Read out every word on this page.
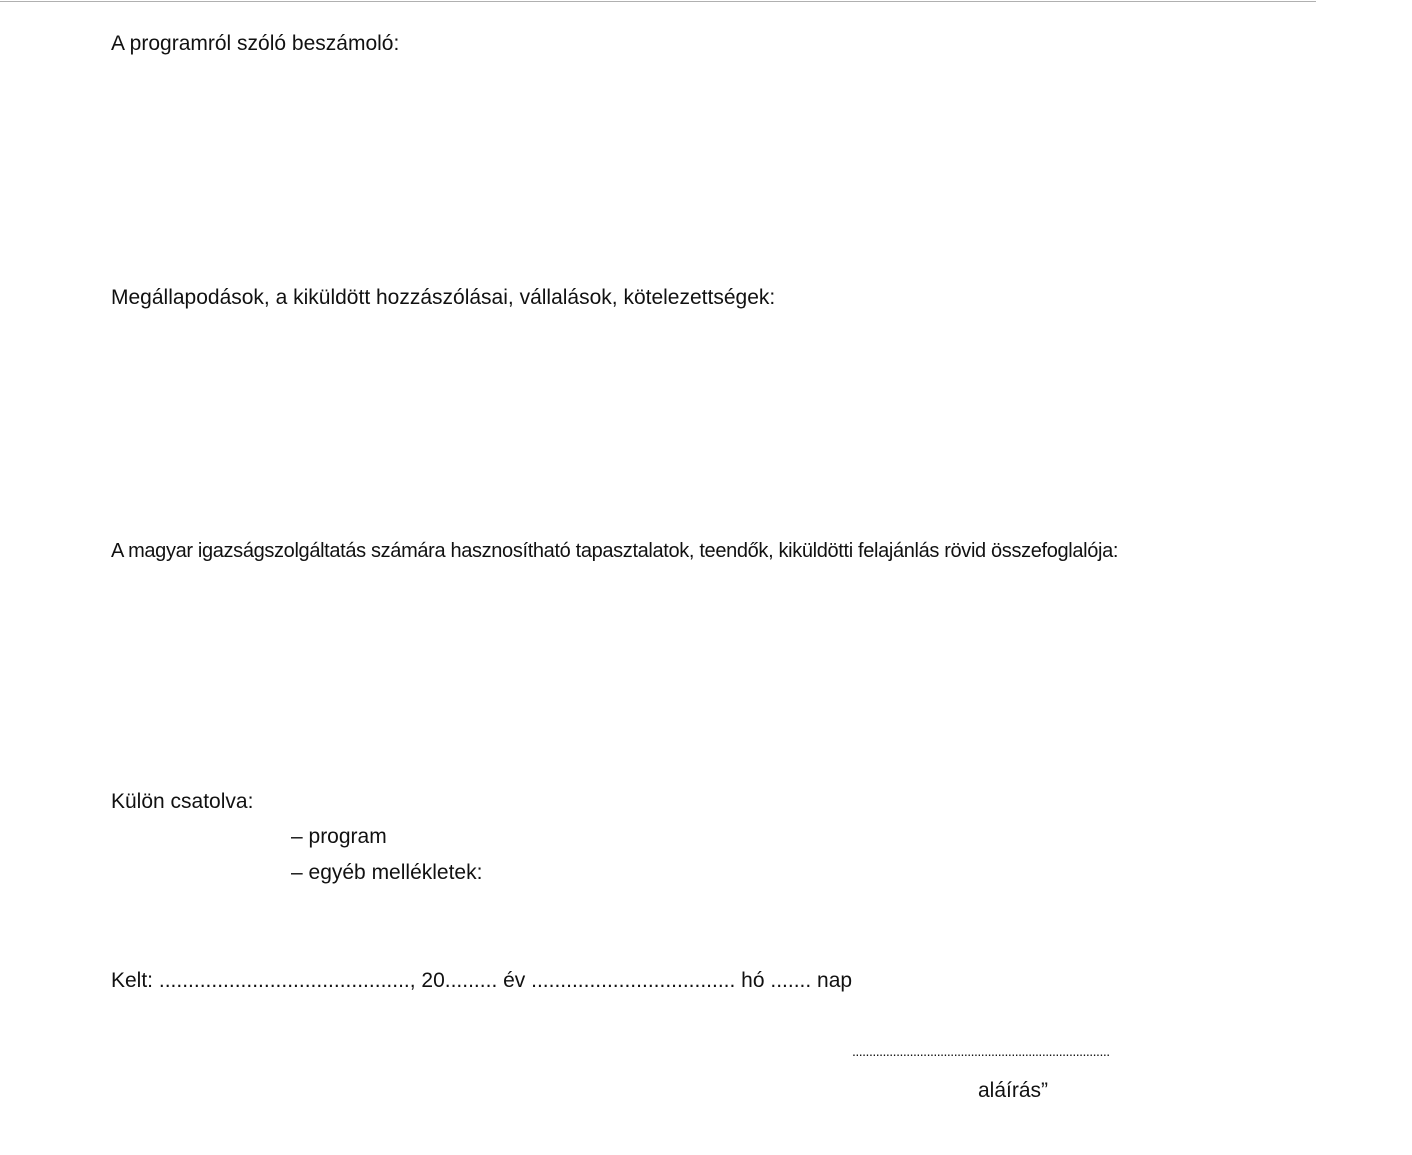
A programról szóló beszámoló:
Megállapodások, a kiküldött hozzászólásai, vállalások, kötelezettségek:
A magyar igazságszolgáltatás számára hasznosítható tapasztalatok, teendők, kiküldötti felajánlás rövid összefoglalója:

Külön csatolva:

– program
– egyéb mellékletek:

Kelt: ..........................................., 20......... év ................................... hó ....... nap

............................................................................
aláírás”
